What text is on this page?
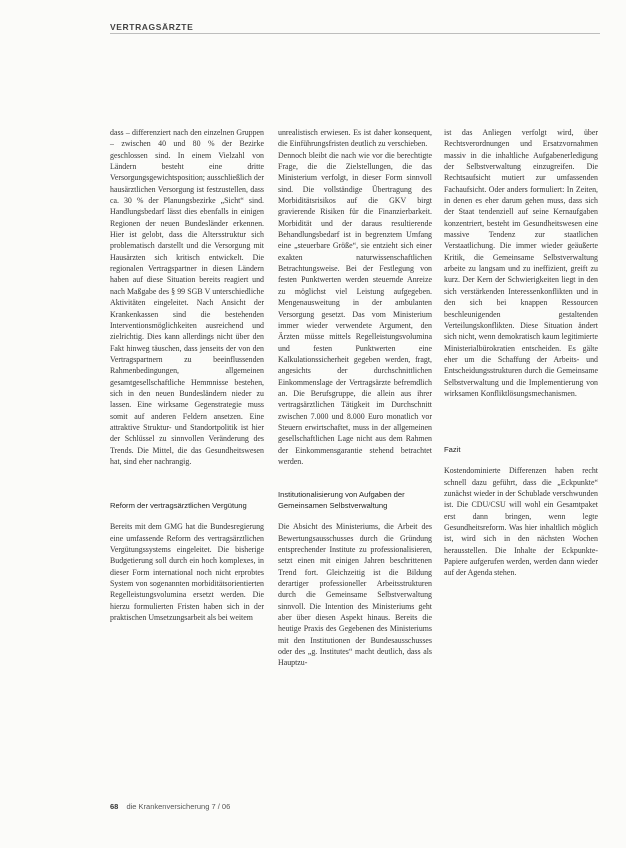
VERTRAGSÄRZTE

dass – differenziert nach den einzelnen Gruppen – zwischen 40 und 80 % der Bezirke geschlossen sind. In einem Vielzahl von Ländern besteht eine dritte Versorgungsgewichtsposition; ausschließlich der hausärztlichen Versorgung ist festzustellen, dass ca. 30 % der Planungsbezirke „Sicht“ sind. Handlungsbedarf lässt dies ebenfalls in einigen Regionen der neuen Bundesländer erkennen. Hier ist gelobt, dass die Altersstruktur sich problematisch darstellt und die Versorgung mit Hausärzten sich kritisch entwickelt. Die regionalen Vertragspartner in diesen Ländern haben auf diese Situation bereits reagiert und nach Maßgabe des § 99 SGB V unterschiedliche Aktivitäten eingeleitet. Nach Ansicht der Krankenkassen sind die bestehenden Interventionsmöglichkeiten ausreichend und zielrichtig. Dies kann allerdings nicht über den Fakt hinweg täuschen, dass jenseits der von den Vertragspartnern zu beeinflussenden Rahmenbedingungen, allgemeinen gesamtgesellschaftliche Hemmnisse bestehen, sich in den neuen Bundesländern nieder zu lassen. Eine wirksame Gegenstrategie muss somit auf anderen Feldern ansetzen. Eine attraktive Struktur- und Standortpolitik ist hier der Schlüssel zu sinnvollen Veränderung des Trends. Die Mittel, die das Gesundheitswesen hat, sind eher nachrangig.

Reform der vertragsärztlichen Vergütung

Bereits mit dem GMG hat die Bundesregierung eine umfassende Reform des vertragsärztlichen Vergütungssystems eingeleitet. Die bisherige Budgetierung soll durch ein hoch komplexes, in dieser Form international noch nicht erprobtes System von sogenannten morbiditätsorientierten Regelleistungsvolumina ersetzt werden. Die hierzu formulierten Fristen haben sich in der praktischen Umsetzungsarbeit als bei weitem

unrealistisch erwiesen. Es ist daher konsequent, die Einführungsfristen deutlich zu verschieben.

Dennoch bleibt die nach wie vor die berechtigte Frage, die die Zielstellungen, die das Ministerium verfolgt, in dieser Form sinnvoll sind. Die vollständige Übertragung des Morbiditätsrisikos auf die GKV birgt gravierende Risiken für die Finanzierbarkeit. Morbidität und der daraus resultierende Behandlungsbedarf ist in begrenztem Umfang eine „steuerbare Größe“, sie entzieht sich einer exakten naturwissenschaftlichen Betrachtungsweise. Bei der Festlegung von festen Punktwerten werden steuernde Anreize zu möglichst viel Leistung aufgegeben. Mengenausweitung in der ambulanten Versorgung gesetzt. Das vom Ministerium immer wieder verwendete Argument, den Ärzten müsse mittels Regelleistungsvolumina und festen Punktwerten eine Kalkulationssicherheit gegeben werden, fragt, angesichts der durchschnittlichen Einkommenslage der Vertragsärzte befremdlich an. Die Berufsgruppe, die allein aus ihrer vertragsärztlichen Tätigkeit im Durchschnitt zwischen 7.000 und 8.000 Euro monatlich vor Steuern erwirtschaftet, muss in der allgemeinen gesellschaftlichen Lage nicht aus dem Rahmen der Einkommensgarantie stehend betrachtet werden.

Institutionalisierung von Aufgaben der Gemeinsamen Selbstverwaltung

Die Absicht des Ministeriums, die Arbeit des Bewertungsausschusses durch die Gründung entsprechender Institute zu professionalisieren, setzt einen mit einigen Jahren beschrittenen Trend fort. Gleichzeitig ist die Bildung derartiger professioneller Arbeitsstrukturen durch die Gemeinsame Selbstverwaltung sinnvoll. Die Intention des Ministeriums geht aber über diesen Aspekt hinaus. Bereits die heutige Praxis des Gegebenen des Ministeriums mit den Institutionen der Bundesausschusses oder des „g. Institutes“ macht deutlich, dass als Hauptzu-

ist das Anliegen verfolgt wird, über Rechtsverordnungen und Ersatzvornahmen massiv in die inhaltliche Aufgabenerledigung der Selbstverwaltung einzugreifen. Die Rechtsaufsicht mutiert zur umfassenden Fachaufsicht. Oder anders formuliert: In Zeiten, in denen es eher darum gehen muss, dass sich der Staat tendenziell auf seine Kernaufgaben konzentriert, besteht im Gesundheitswesen eine massive Tendenz zur staatlichen Verstaatlichung. Die immer wieder geäußerte Kritik, die Gemeinsame Selbstverwaltung arbeite zu langsam und zu ineffizient, greift zu kurz. Der Kern der Schwierigkeiten liegt in den sich verstärkenden Interessenkonflikten und in den sich bei knappen Ressourcen beschleunigenden gestaltenden Verteilungskonflikten. Diese Situation ändert sich nicht, wenn demokratisch kaum legitimierte Ministerialbürokratien entscheiden. Es gälte eher um die Schaffung der Arbeits- und Entscheidungsstrukturen durch die Gemeinsame Selbstverwaltung und die Implementierung von wirksamen Konfliktlösungsmechanismen.

Fazit

Kostendominierte Differenzen haben recht schnell dazu geführt, dass die „Eckpunkte“ zunächst wieder in der Schublade verschwunden ist. Die CDU/CSU will wohl ein Gesamtpaket erst dann bringen, wenn legte Gesundheitsreform. Was hier inhaltlich möglich ist, wird sich in den nächsten Wochen herausstellen. Die Inhalte der Eckpunkte-Papiere aufgerufen werden, werden dann wieder auf der Agenda stehen.

68 die Krankenversicherung 7 / 06
